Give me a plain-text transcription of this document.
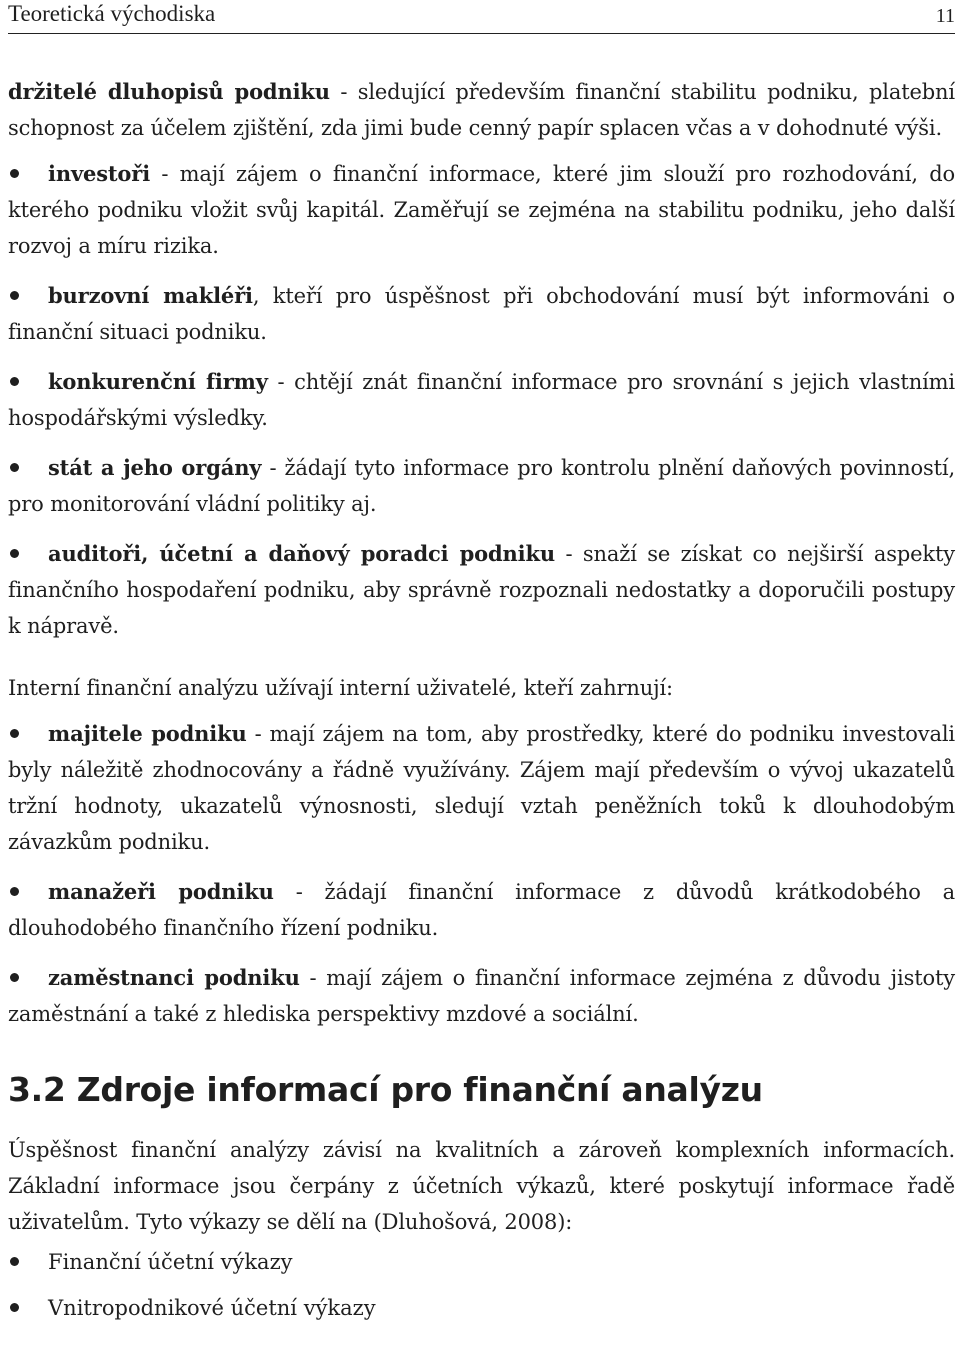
Teoretická východiska	11

držitelé dluhopisů podniku - sledující především finanční stabilitu podniku, platební schopnost za účelem zjištění, zda jimi bude cenný papír splacen včas a v dohodnuté výši.

investoři - mají zájem o finanční informace, které jim slouží pro rozhodování, do kterého podniku vložit svůj kapitál. Zaměřují se zejména na stabilitu podniku, jeho další rozvoj a míru rizika.

burzovní makléři, kteří pro úspěšnost při obchodování musí být informováni o finanční situaci podniku.

konkurenční firmy - chtějí znát finanční informace pro srovnání s jejich vlastními hospodářskými výsledky.

stát a jeho orgány - žádají tyto informace pro kontrolu plnění daňových povinností, pro monitorování vládní politiky aj.

auditoři, účetní a daňový poradci podniku - snaží se získat co nejširší aspekty finančního hospodaření podniku, aby správně rozpoznali nedostatky a doporučili postupy k nápravě.

Interní finanční analýzu užívají interní uživatelé, kteří zahrnují:

majitele podniku - mají zájem na tom, aby prostředky, které do podniku investovali byly náležitě zhodnocovány a řádně využívány. Zájem mají především o vývoj ukazatelů tržní hodnoty, ukazatelů výnosnosti, sledují vztah peněžních toků k dlouhodobým závazkům podniku.

manažeři podniku - žádají finanční informace z důvodů krátkodobého a dlouhodobého finančního řízení podniku.

zaměstnanci podniku - mají zájem o finanční informace zejména z důvodu jistoty zaměstnání a také z hlediska perspektivy mzdové a sociální.

3.2 Zdroje informací pro finanční analýzu

Úspěšnost finanční analýzy závisí na kvalitních a zároveň komplexních informacích. Základní informace jsou čerpány z účetních výkazů, které poskytují informace řadě uživatelům. Tyto výkazy se dělí na (Dluhošová, 2008):

Finanční účetní výkazy
Vnitropodnikové účetní výkazy
